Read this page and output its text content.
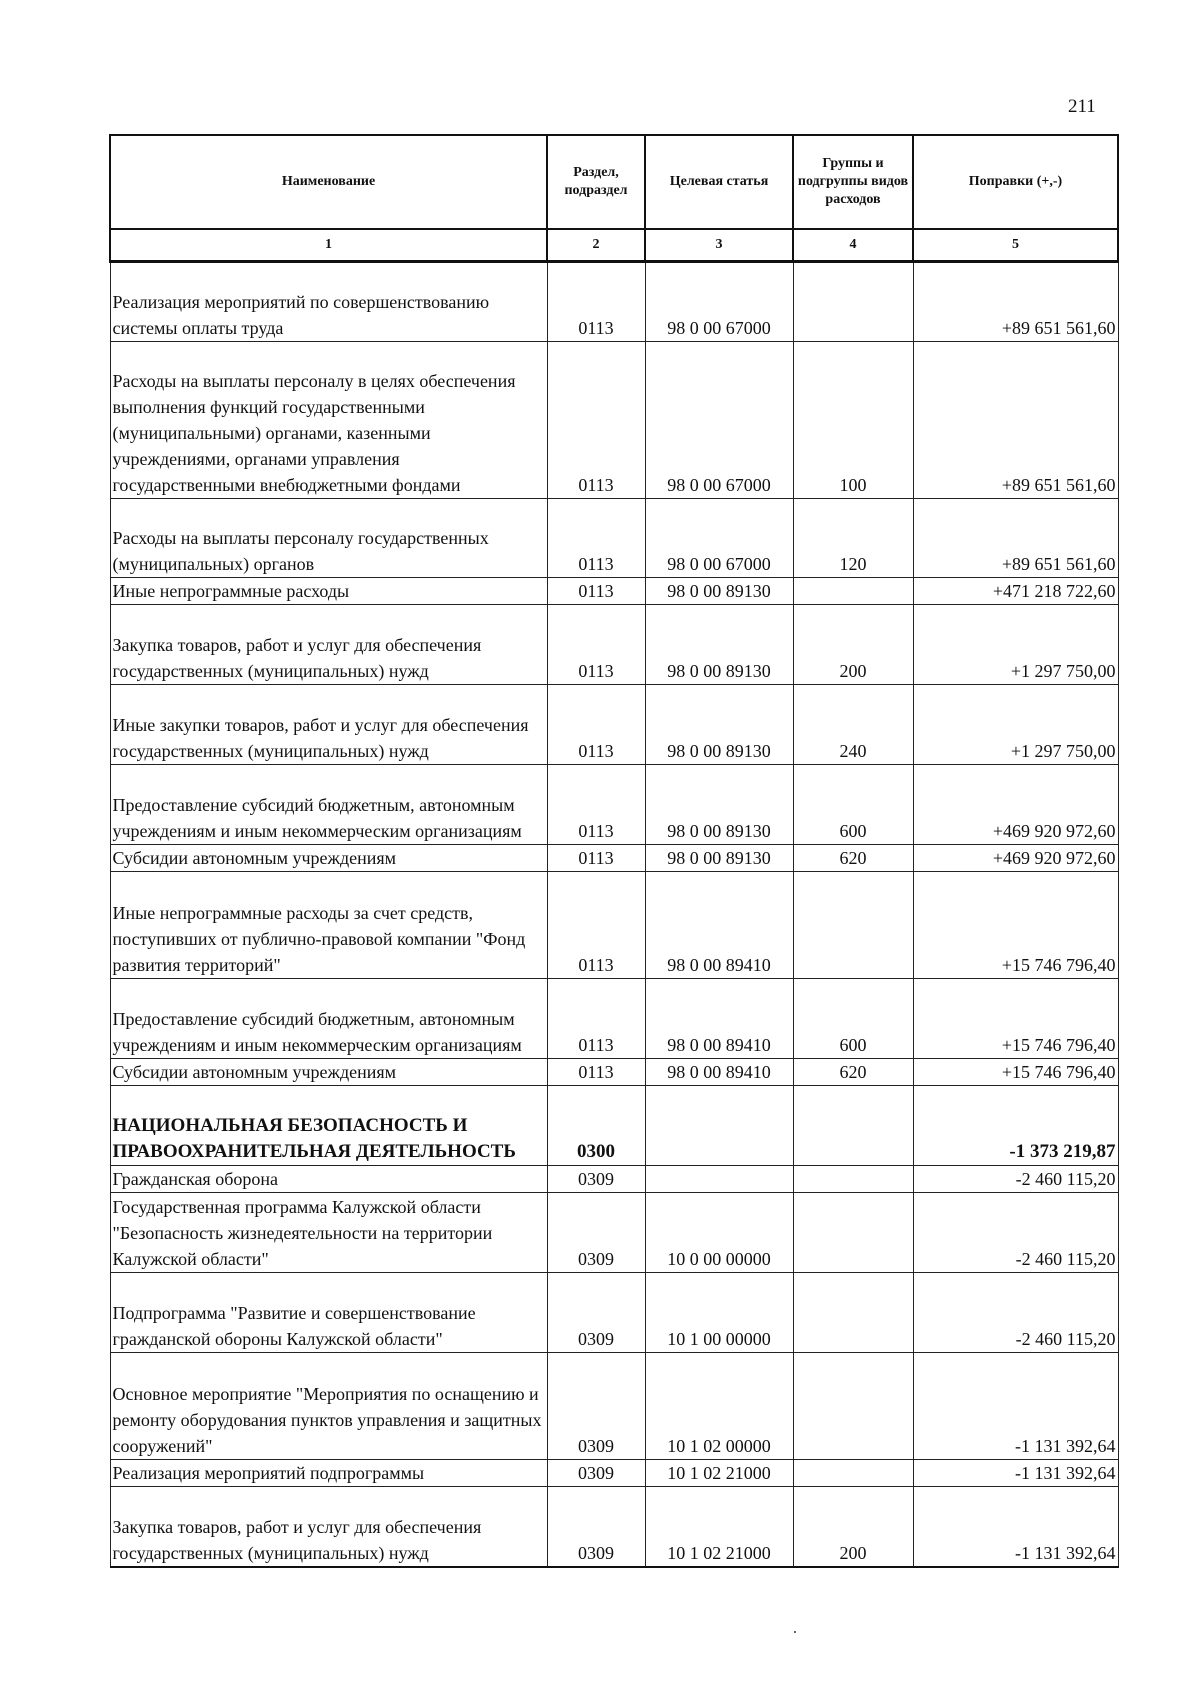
211
Наименование	Раздел, подраздел	Целевая статья	Группы и подгруппы видов расходов	Поправки (+,-)
1	2	3	4	5
Реализация мероприятий по совершенствованию системы оплаты труда	0113	98 0 00 67000		+89 651 561,60
Расходы на выплаты персоналу в целях обеспечения выполнения функций государственными (муниципальными) органами, казенными учреждениями, органами управления государственными внебюджетными фондами	0113	98 0 00 67000	100	+89 651 561,60
Расходы на выплаты персоналу государственных (муниципальных) органов	0113	98 0 00 67000	120	+89 651 561,60
Иные непрограммные расходы	0113	98 0 00 89130		+471 218 722,60
Закупка товаров, работ и услуг для обеспечения государственных (муниципальных) нужд	0113	98 0 00 89130	200	+1 297 750,00
Иные закупки товаров, работ и услуг для обеспечения государственных (муниципальных) нужд	0113	98 0 00 89130	240	+1 297 750,00
Предоставление субсидий бюджетным, автономным учреждениям и иным некоммерческим организациям	0113	98 0 00 89130	600	+469 920 972,60
Субсидии автономным учреждениям	0113	98 0 00 89130	620	+469 920 972,60
Иные непрограммные расходы за счет средств, поступивших от публично-правовой компании "Фонд развития территорий"	0113	98 0 00 89410		+15 746 796,40
Предоставление субсидий бюджетным, автономным учреждениям и иным некоммерческим организациям	0113	98 0 00 89410	600	+15 746 796,40
Субсидии автономным учреждениям	0113	98 0 00 89410	620	+15 746 796,40
НАЦИОНАЛЬНАЯ БЕЗОПАСНОСТЬ И ПРАВООХРАНИТЕЛЬНАЯ ДЕЯТЕЛЬНОСТЬ	0300			-1 373 219,87
Гражданская оборона	0309			-2 460 115,20
Государственная программа Калужской области "Безопасность жизнедеятельности на территории Калужской области"	0309	10 0 00 00000		-2 460 115,20
Подпрограмма "Развитие и совершенствование гражданской обороны Калужской области"	0309	10 1 00 00000		-2 460 115,20
Основное мероприятие "Мероприятия по оснащению и ремонту оборудования пунктов управления и защитных сооружений"	0309	10 1 02 00000		-1 131 392,64
Реализация мероприятий подпрограммы	0309	10 1 02 21000		-1 131 392,64
Закупка товаров, работ и услуг для обеспечения государственных (муниципальных) нужд	0309	10 1 02 21000	200	-1 131 392,64
